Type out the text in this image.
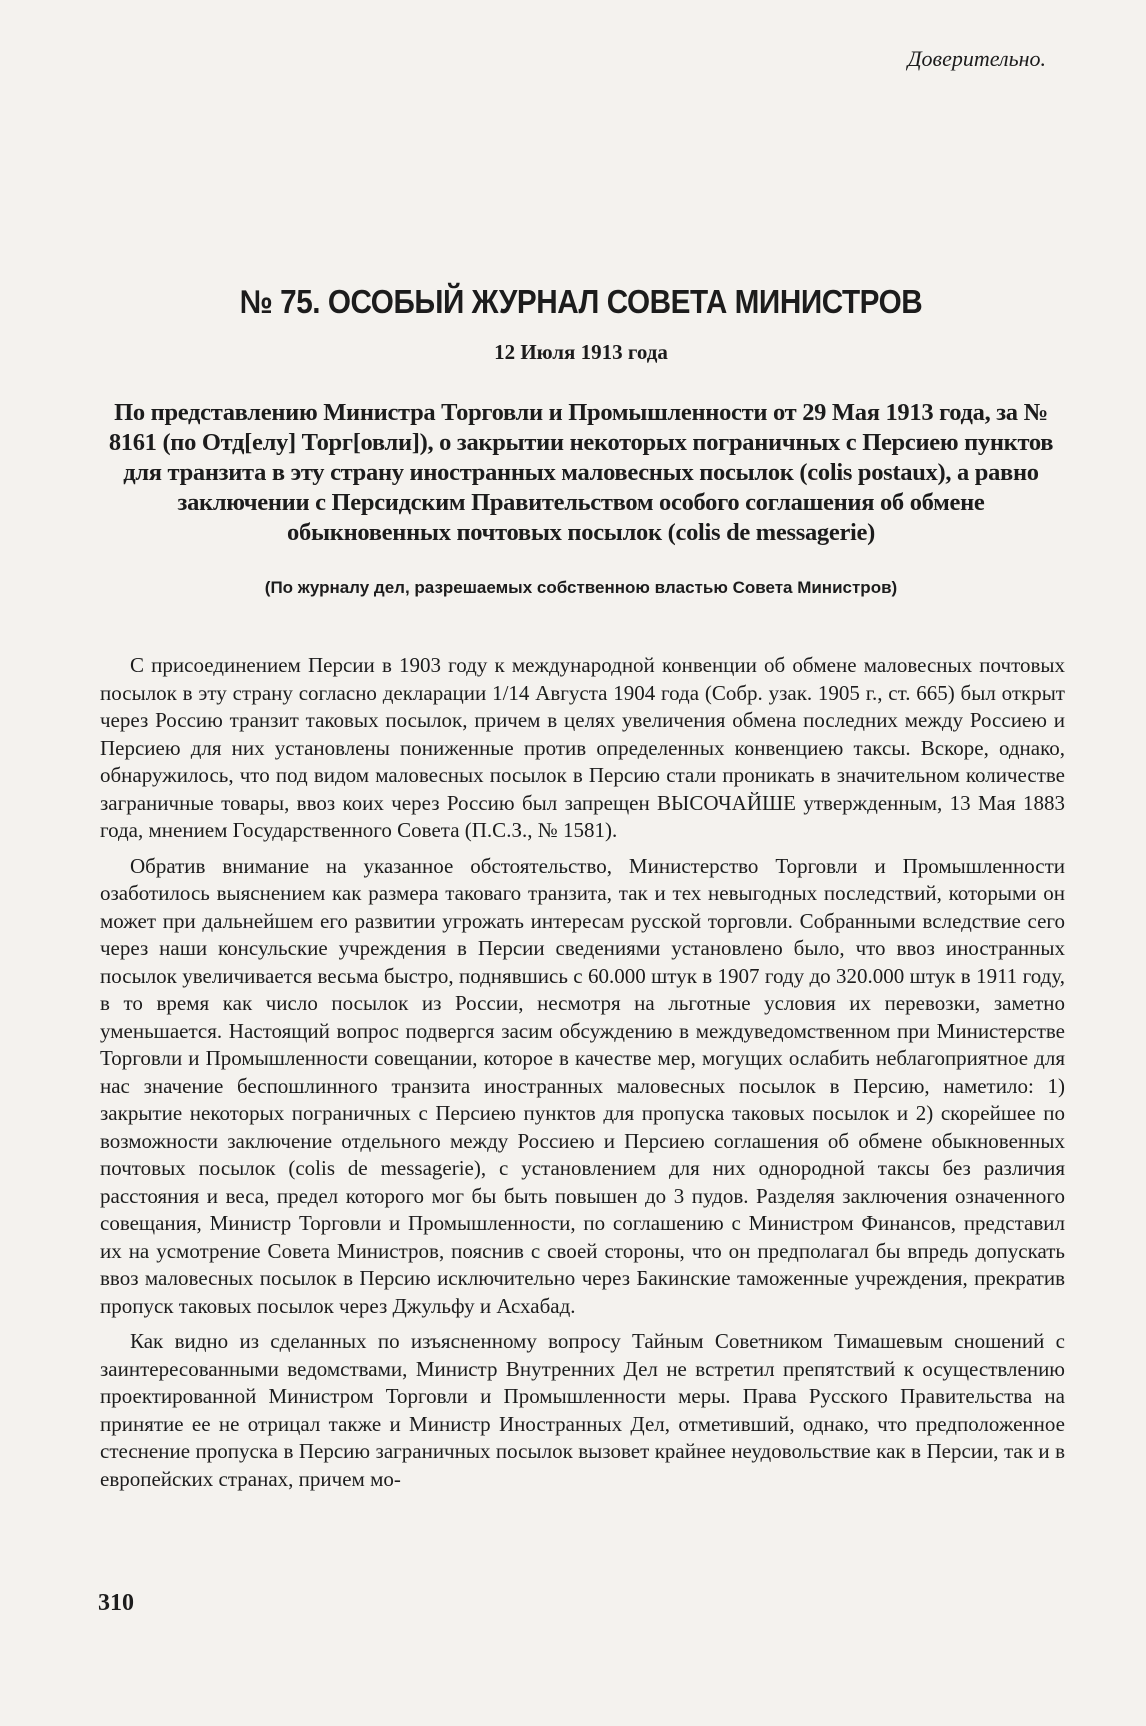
Доверительно.
№ 75. ОСОБЫЙ ЖУРНАЛ СОВЕТА МИНИСТРОВ
12 Июля 1913 года
По представлению Министра Торговли и Промышленности от 29 Мая 1913 года, за № 8161 (по Отд[елу] Торг[овли]), о закрытии некоторых пограничных с Персиею пунктов для транзита в эту страну иностранных маловесных посылок (colis postaux), а равно заключении с Персидским Правительством особого соглашения об обмене обыкновенных почтовых посылок (colis de messagerie)
(По журналу дел, разрешаемых собственною властью Совета Министров)

С присоединением Персии в 1903 году к международной конвенции об обмене маловесных почтовых посылок в эту страну согласно декларации 1/14 Августа 1904 года (Собр. узак. 1905 г., ст. 665) был открыт через Россию транзит таковых посылок, причем в целях увеличения обмена последних между Россиею и Персиею для них установлены пониженные против определенных конвенциею таксы. Вскоре, однако, обнаружилось, что под видом маловесных посылок в Персию стали проникать в значительном количестве заграничные товары, ввоз коих через Россию был запрещен ВЫСОЧАЙШЕ утвержденным, 13 Мая 1883 года, мнением Государственного Совета (П.С.З., № 1581).

Обратив внимание на указанное обстоятельство, Министерство Торговли и Промышленности озаботилось выяснением как размера таковаго транзита, так и тех невыгодных последствий, которыми он может при дальнейшем его развитии угрожать интересам русской торговли. Собранными вследствие сего через наши консульские учреждения в Персии сведениями установлено было, что ввоз иностранных посылок увеличивается весьма быстро, поднявшись с 60.000 штук в 1907 году до 320.000 штук в 1911 году, в то время как число посылок из России, несмотря на льготные условия их перевозки, заметно уменьшается. Настоящий вопрос подвергся засим обсуждению в междуведомственном при Министерстве Торговли и Промышленности совещании, которое в качестве мер, могущих ослабить неблагоприятное для нас значение беспошлинного транзита иностранных маловесных посылок в Персию, наметило: 1) закрытие некоторых пограничных с Персиею пунктов для пропуска таковых посылок и 2) скорейшее по возможности заключение отдельного между Россиею и Персиею соглашения об обмене обыкновенных почтовых посылок (colis de messagerie), с установлением для них однородной таксы без различия расстояния и веса, предел которого мог бы быть повышен до 3 пудов. Разделяя заключения означенного совещания, Министр Торговли и Промышленности, по соглашению с Министром Финансов, представил их на усмотрение Совета Министров, пояснив с своей стороны, что он предполагал бы впредь допускать ввоз маловесных посылок в Персию исключительно через Бакинские таможенные учреждения, прекратив пропуск таковых посылок через Джульфу и Асхабад.

Как видно из сделанных по изъясненному вопросу Тайным Советником Тимашевым сношений с заинтересованными ведомствами, Министр Внутренних Дел не встретил препятствий к осуществлению проектированной Министром Торговли и Промышленности меры. Права Русского Правительства на принятие ее не отрицал также и Министр Иностранных Дел, отметивший, однако, что предположенное стеснение пропуска в Персию заграничных посылок вызовет крайнее неудовольствие как в Персии, так и в европейских странах, причем мо-

310
